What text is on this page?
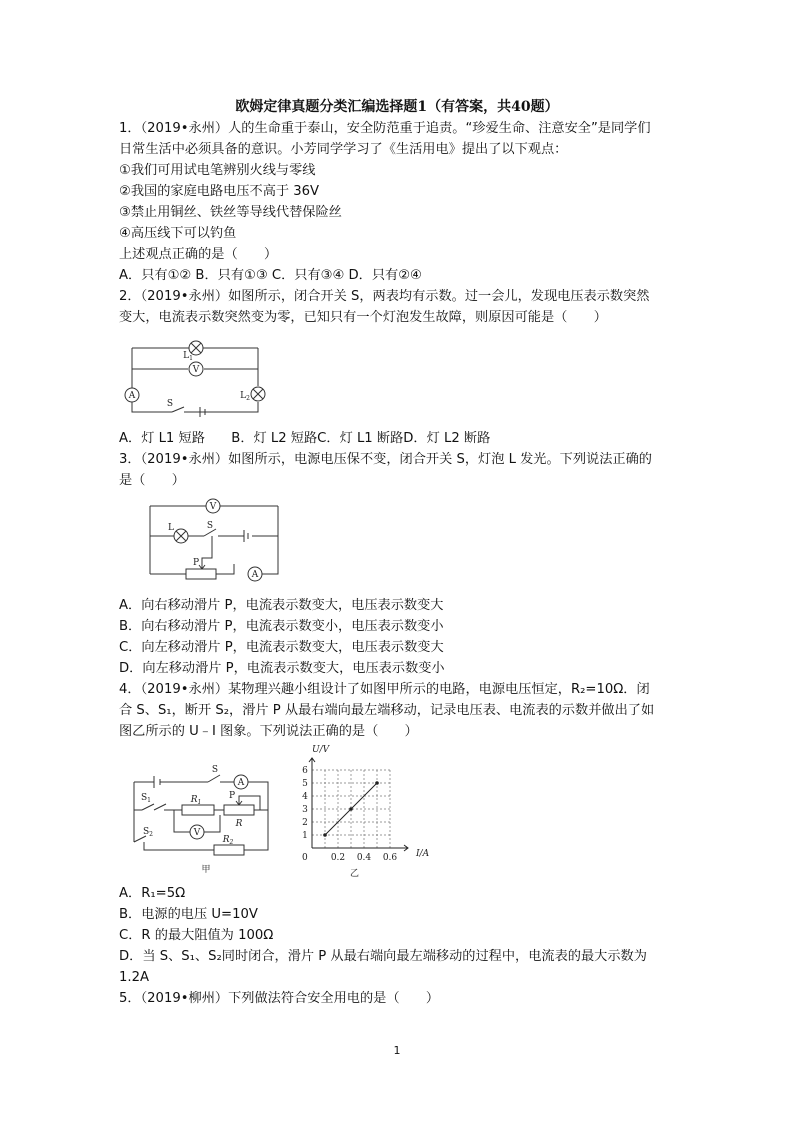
欧姆定律真题分类汇编选择题1（有答案，共40题）
1．（2019•永州）人的生命重于泰山，安全防范重于追责。“珍爱生命、注意安全”是同学们
日常生活中必须具备的意识。小芳同学学习了《生活用电》提出了以下观点：
①我们可用试电笔辨别火线与零线
②我国的家庭电路电压不高于 36V
③禁止用铜丝、铁丝等导线代替保险丝
④高压线下可以钓鱼
上述观点正确的是（　　）
A．只有①② B．只有①③ C．只有③④ D．只有②④
2．（2019•永州）如图所示，闭合开关 S，两表均有示数。过一会儿，发现电压表示数突然
变大，电流表示数突然变为零，已知只有一个灯泡发生故障，则原因可能是（　　）
$L_1$
V
A	$L_2$
S
A．灯 L1 短路　　B．灯 L2 短路C．灯 L1 断路D．灯 L2 断路
3．（2019•永州）如图所示，电源电压保不变，闭合开关 S，灯泡 L 发光。下列说法正确的
是（　　）
V
L	S
P
A
A．向右移动滑片 P，电流表示数变大，电压表示数变大
B．向右移动滑片 P，电流表示数变小，电压表示数变小
C．向左移动滑片 P，电流表示数变大，电压表示数变大
D．向左移动滑片 P，电流表示数变大，电压表示数变小
4．（2019•永州）某物理兴趣小组设计了如图甲所示的电路，电源电压恒定，R₂=10Ω．闭
合 S、S₁，断开 S₂，滑片 P 从最右端向最左端移动，记录电压表、电流表的示数并做出了如
图乙所示的 U﹣I 图象。下列说法正确的是（　　）
S
A
$S_1$	$R_1$
P
R
V
$S_2$
$R_2$
甲
0.2 0.4 0.6
1
2
3
4
5
6
U/V
I/A
0
乙
A．R₁=5Ω
B．电源的电压 U=10V
C．R 的最大阻值为 100Ω
D．当 S、S₁、S₂同时闭合，滑片 P 从最右端向最左端移动的过程中，电流表的最大示数为
1.2A
5．（2019•柳州）下列做法符合安全用电的是（　　）
1
